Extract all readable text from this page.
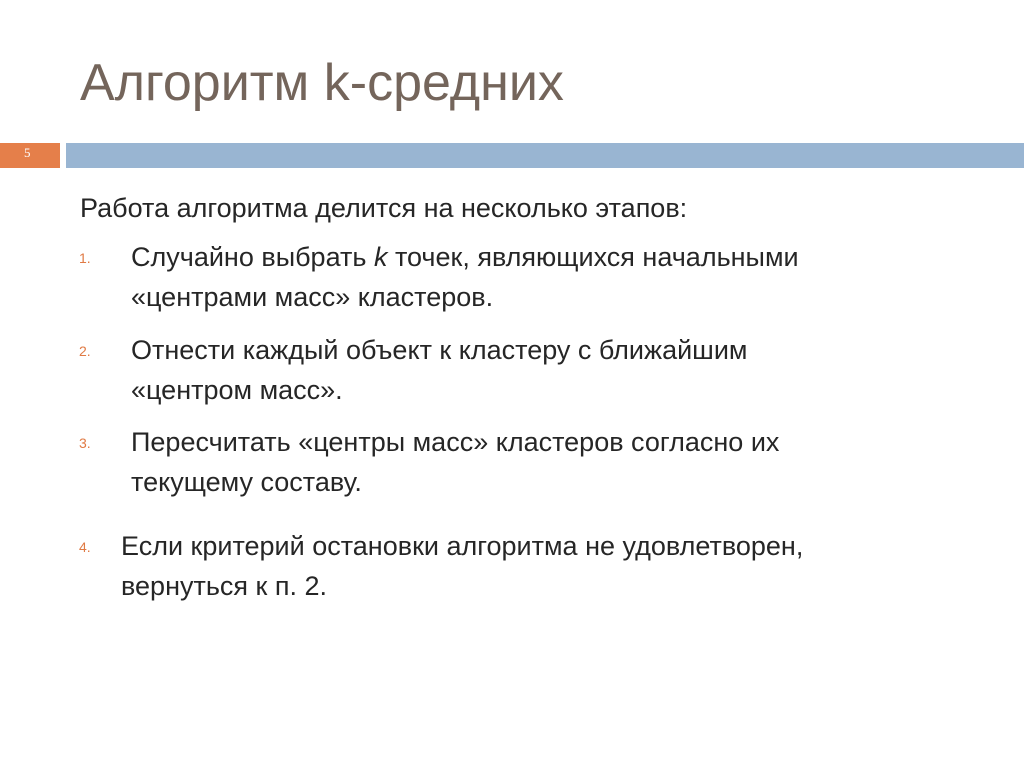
Алгоритм k-средних
5
Работа алгоритма делится на несколько этапов:
1. Случайно выбрать k точек, являющихся начальными
«центрами масс» кластеров.
2. Отнести каждый объект к кластеру с ближайшим
«центром масс».
3. Пересчитать «центры масс» кластеров согласно их
текущему составу.
4. Если критерий остановки алгоритма не удовлетворен,
вернуться к п. 2.
